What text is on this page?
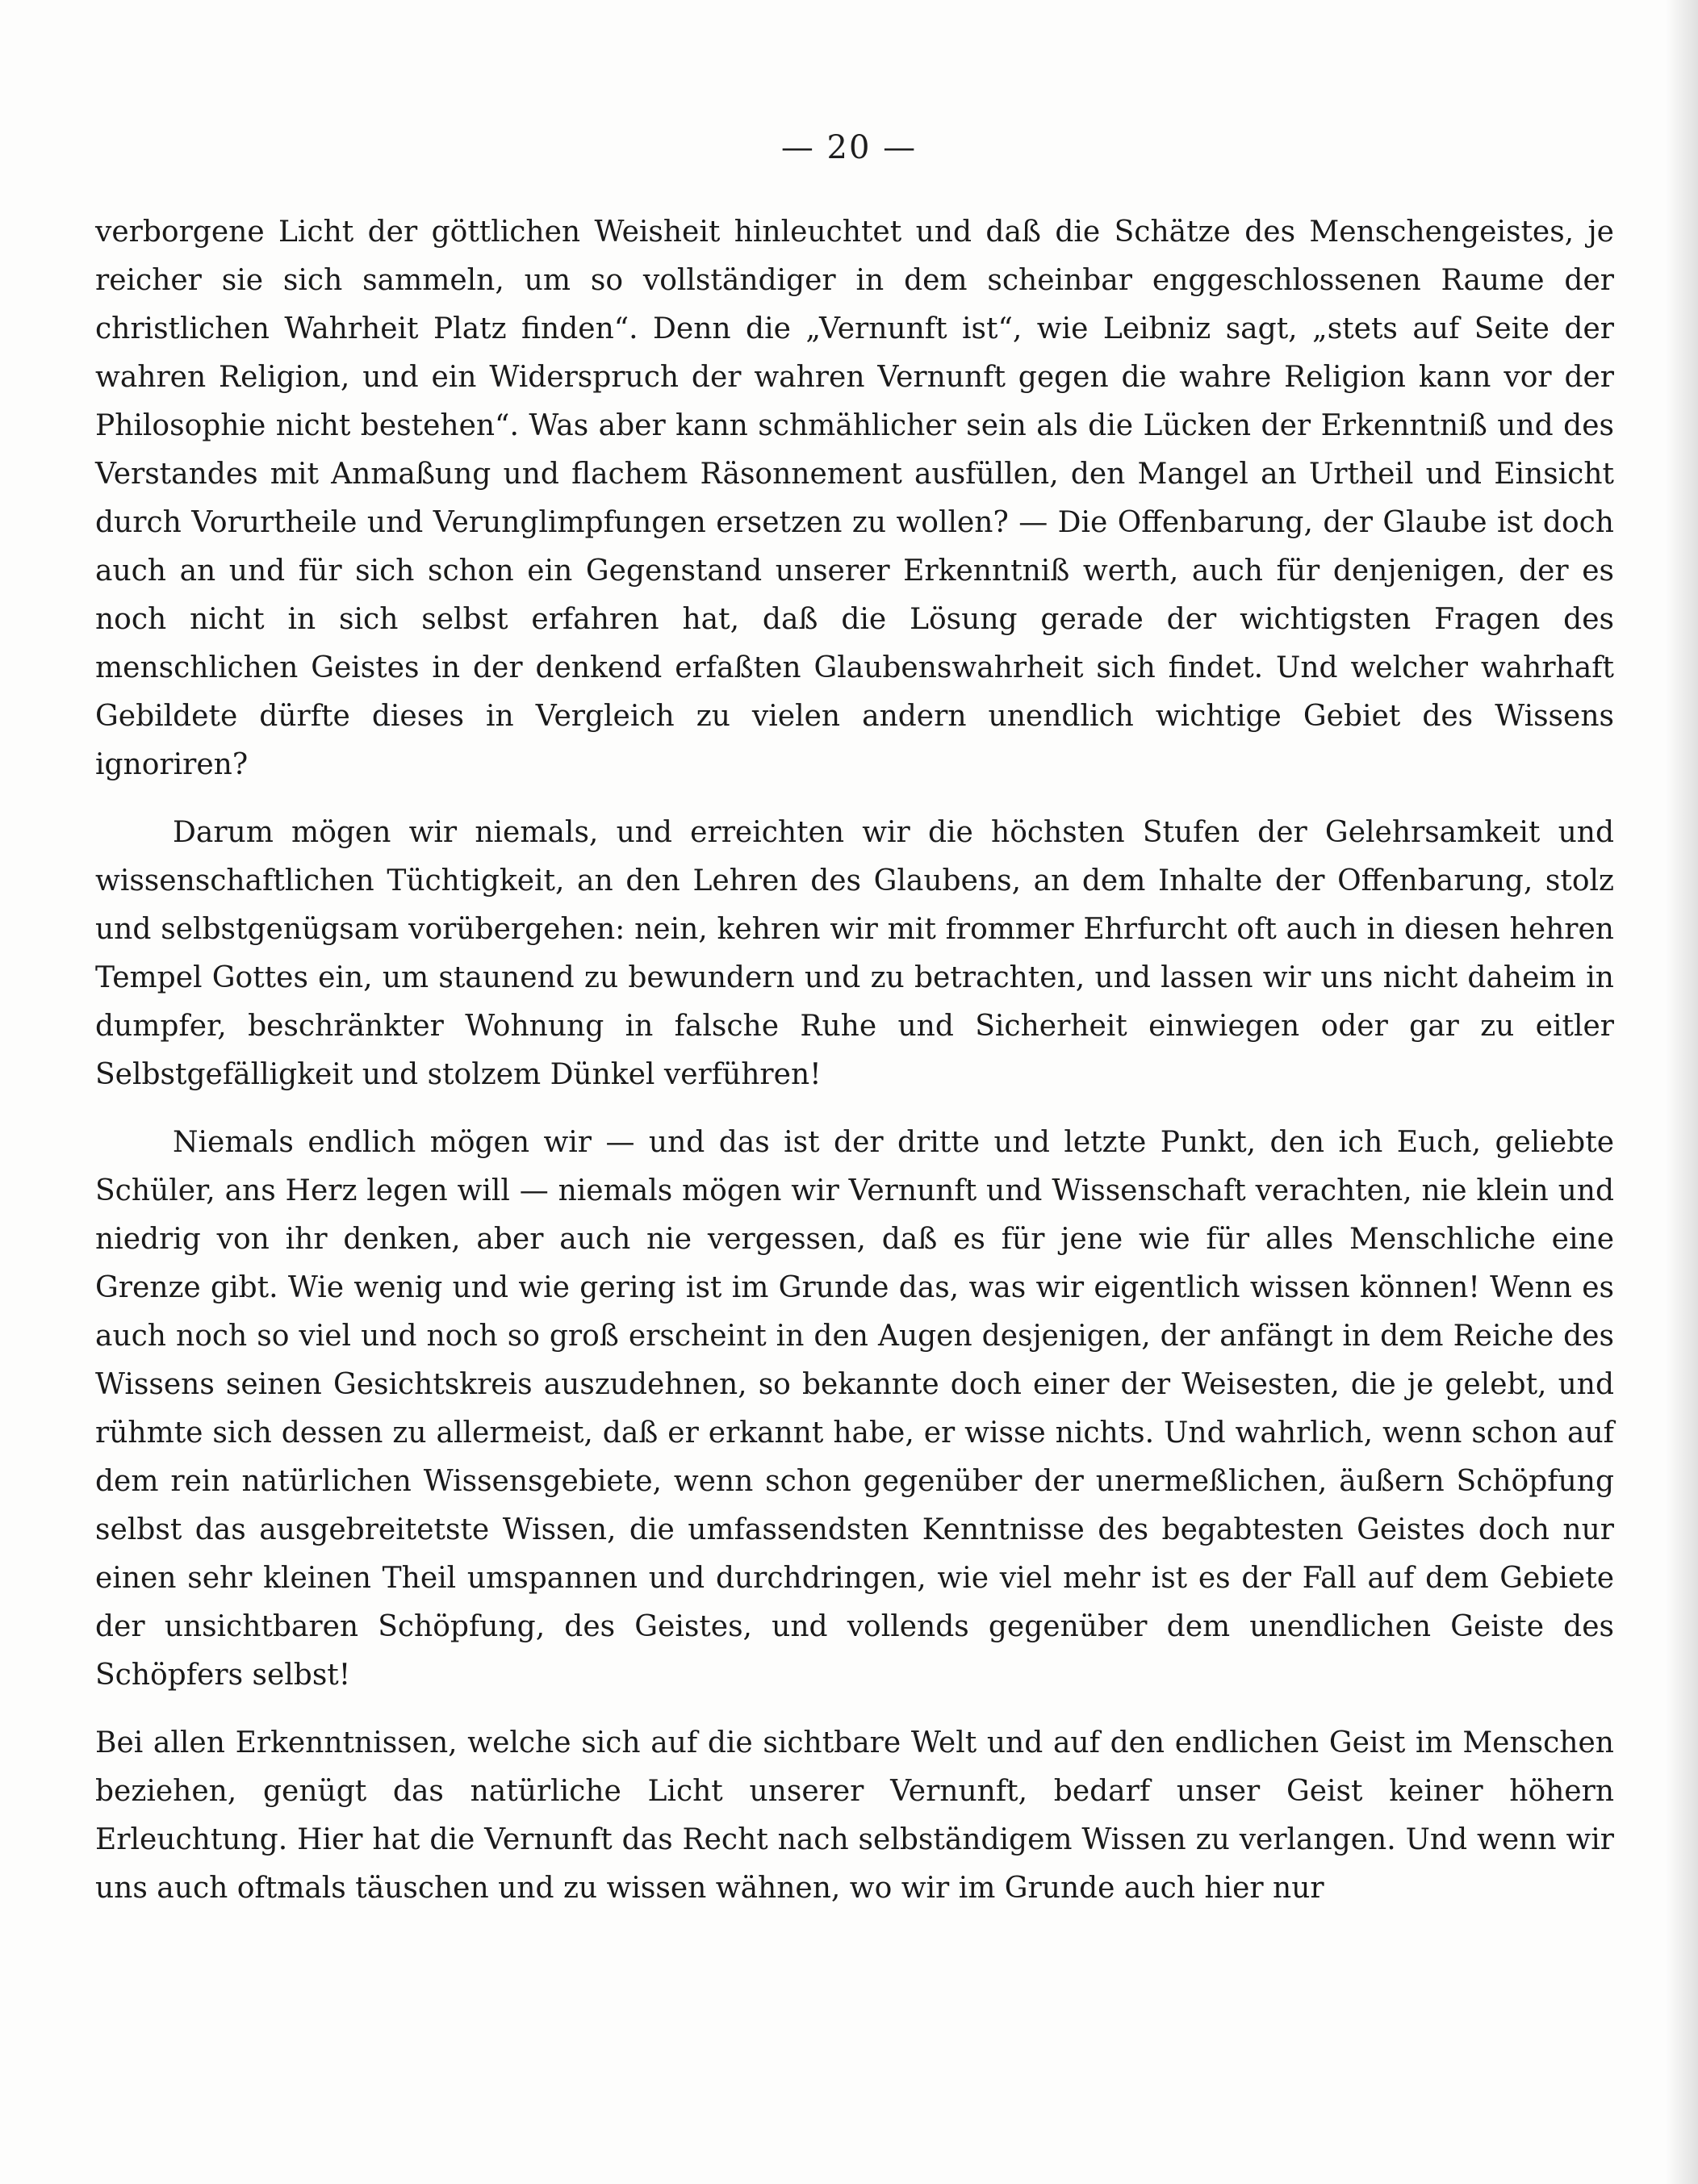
— 20 —

verborgene Licht der göttlichen Weisheit hinleuchtet und daß die Schätze des Menschengeistes, je reicher sie sich sammeln, um so vollständiger in dem scheinbar enggeschlossenen Raume der christlichen Wahrheit Platz finden“. Denn die „Vernunft ist“, wie Leibniz sagt, „stets auf Seite der wahren Religion, und ein Widerspruch der wahren Vernunft gegen die wahre Religion kann vor der Philosophie nicht bestehen“. Was aber kann schmählicher sein als die Lücken der Erkenntniß und des Verstandes mit Anmaßung und flachem Räsonnement ausfüllen, den Mangel an Urtheil und Einsicht durch Vorurtheile und Verunglimpfungen ersetzen zu wollen? — Die Offenbarung, der Glaube ist doch auch an und für sich schon ein Gegenstand unserer Erkenntniß werth, auch für denjenigen, der es noch nicht in sich selbst erfahren hat, daß die Lösung gerade der wichtigsten Fragen des menschlichen Geistes in der denkend erfaßten Glaubenswahrheit sich findet. Und welcher wahrhaft Gebildete dürfte dieses in Vergleich zu vielen andern unendlich wichtige Gebiet des Wissens ignoriren?

Darum mögen wir niemals, und erreichten wir die höchsten Stufen der Gelehrsamkeit und wissenschaftlichen Tüchtigkeit, an den Lehren des Glaubens, an dem Inhalte der Offenbarung, stolz und selbstgenügsam vorübergehen: nein, kehren wir mit frommer Ehrfurcht oft auch in diesen hehren Tempel Gottes ein, um staunend zu bewundern und zu betrachten, und lassen wir uns nicht daheim in dumpfer, beschränkter Wohnung in falsche Ruhe und Sicherheit einwiegen oder gar zu eitler Selbstgefälligkeit und stolzem Dünkel verführen!

Niemals endlich mögen wir — und das ist der dritte und letzte Punkt, den ich Euch, geliebte Schüler, ans Herz legen will — niemals mögen wir Vernunft und Wissenschaft verachten, nie klein und niedrig von ihr denken, aber auch nie vergessen, daß es für jene wie für alles Menschliche eine Grenze gibt. Wie wenig und wie gering ist im Grunde das, was wir eigentlich wissen können! Wenn es auch noch so viel und noch so groß erscheint in den Augen desjenigen, der anfängt in dem Reiche des Wissens seinen Gesichtskreis auszudehnen, so bekannte doch einer der Weisesten, die je gelebt, und rühmte sich dessen zu allermeist, daß er erkannt habe, er wisse nichts. Und wahrlich, wenn schon auf dem rein natürlichen Wissensgebiete, wenn schon gegenüber der unermeßlichen, äußern Schöpfung selbst das ausgebreitetste Wissen, die umfassendsten Kenntnisse des begabtesten Geistes doch nur einen sehr kleinen Theil umspannen und durchdringen, wie viel mehr ist es der Fall auf dem Gebiete der unsichtbaren Schöpfung, des Geistes, und vollends gegenüber dem unendlichen Geiste des Schöpfers selbst!

Bei allen Erkenntnissen, welche sich auf die sichtbare Welt und auf den endlichen Geist im Menschen beziehen, genügt das natürliche Licht unserer Vernunft, bedarf unser Geist keiner höhern Erleuchtung. Hier hat die Vernunft das Recht nach selbständigem Wissen zu verlangen. Und wenn wir uns auch oftmals täuschen und zu wissen wähnen, wo wir im Grunde auch hier nur
